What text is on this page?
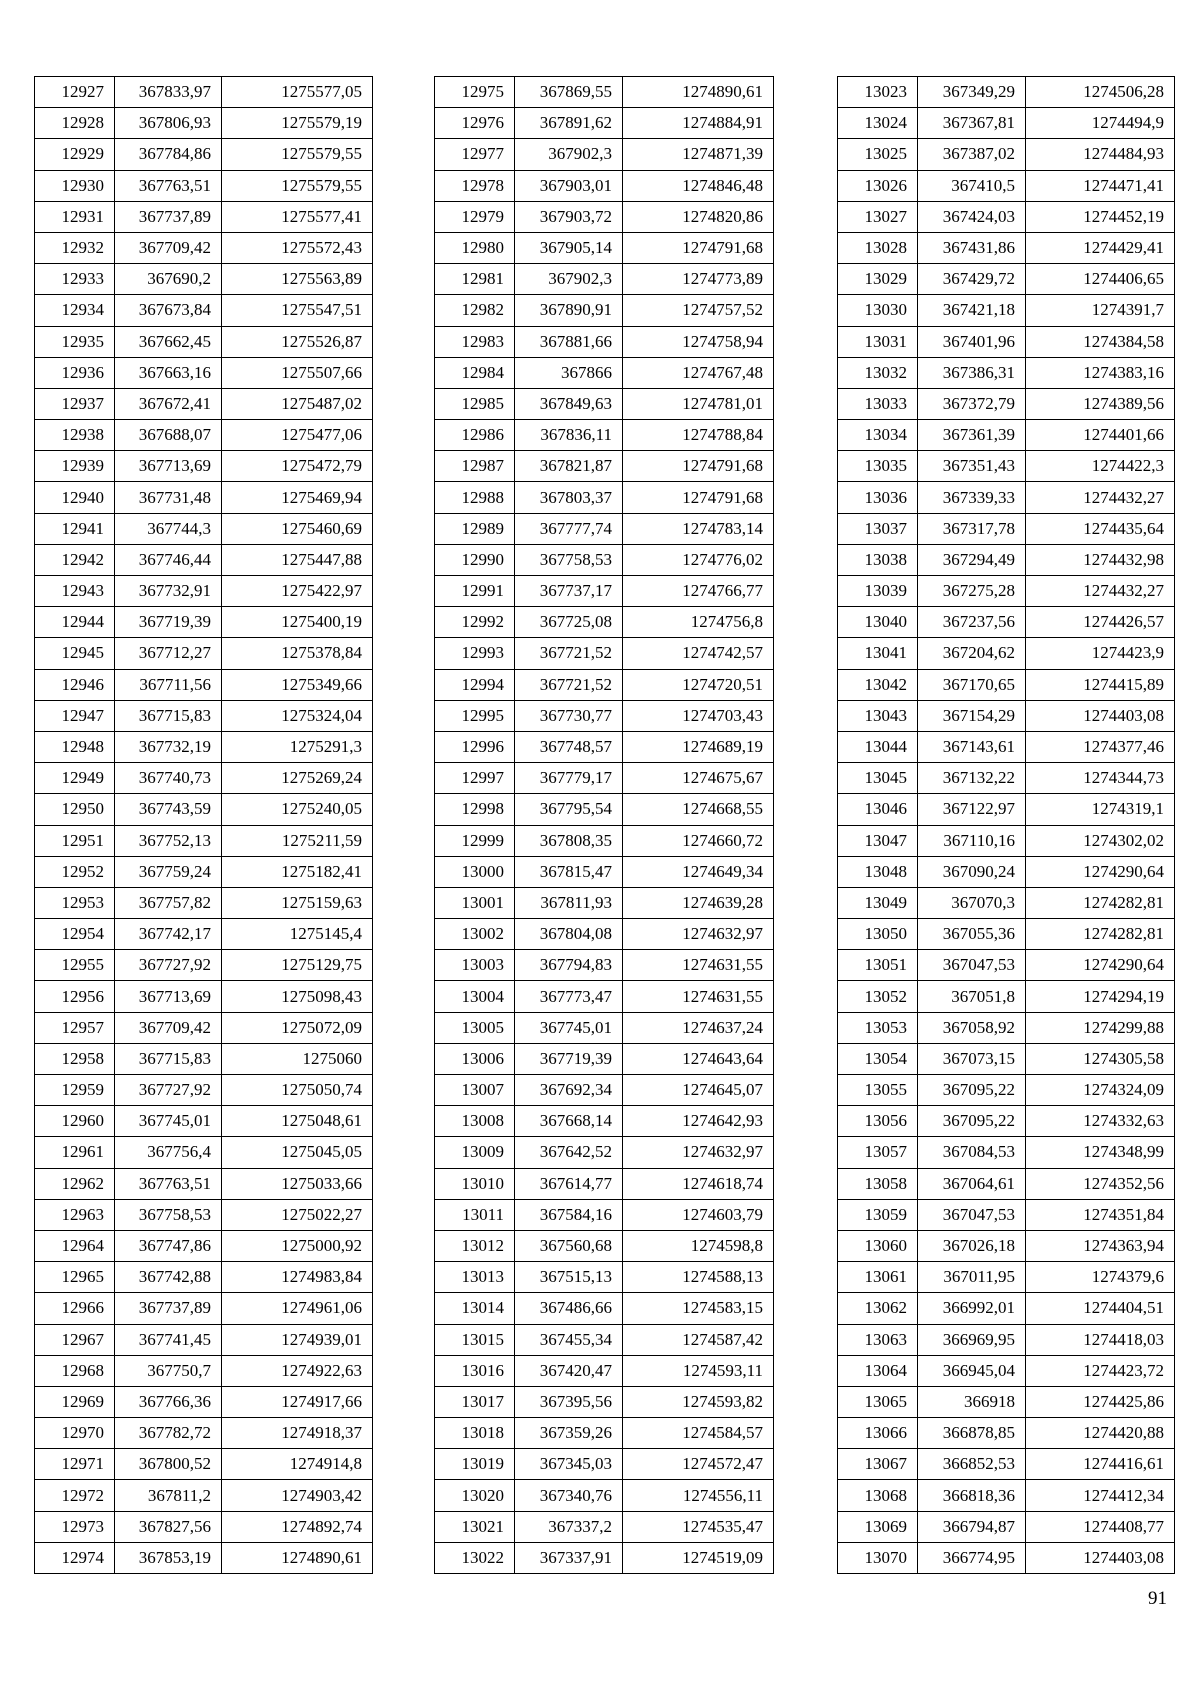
12927	367833,97	1275577,05
12928	367806,93	1275579,19
12929	367784,86	1275579,55
12930	367763,51	1275579,55
12931	367737,89	1275577,41
12932	367709,42	1275572,43
12933	367690,2	1275563,89
12934	367673,84	1275547,51
12935	367662,45	1275526,87
12936	367663,16	1275507,66
12937	367672,41	1275487,02
12938	367688,07	1275477,06
12939	367713,69	1275472,79
12940	367731,48	1275469,94
12941	367744,3	1275460,69
12942	367746,44	1275447,88
12943	367732,91	1275422,97
12944	367719,39	1275400,19
12945	367712,27	1275378,84
12946	367711,56	1275349,66
12947	367715,83	1275324,04
12948	367732,19	1275291,3
12949	367740,73	1275269,24
12950	367743,59	1275240,05
12951	367752,13	1275211,59
12952	367759,24	1275182,41
12953	367757,82	1275159,63
12954	367742,17	1275145,4
12955	367727,92	1275129,75
12956	367713,69	1275098,43
12957	367709,42	1275072,09
12958	367715,83	1275060
12959	367727,92	1275050,74
12960	367745,01	1275048,61
12961	367756,4	1275045,05
12962	367763,51	1275033,66
12963	367758,53	1275022,27
12964	367747,86	1275000,92
12965	367742,88	1274983,84
12966	367737,89	1274961,06
12967	367741,45	1274939,01
12968	367750,7	1274922,63
12969	367766,36	1274917,66
12970	367782,72	1274918,37
12971	367800,52	1274914,8
12972	367811,2	1274903,42
12973	367827,56	1274892,74
12974	367853,19	1274890,61
12975	367869,55	1274890,61
12976	367891,62	1274884,91
12977	367902,3	1274871,39
12978	367903,01	1274846,48
12979	367903,72	1274820,86
12980	367905,14	1274791,68
12981	367902,3	1274773,89
12982	367890,91	1274757,52
12983	367881,66	1274758,94
12984	367866	1274767,48
12985	367849,63	1274781,01
12986	367836,11	1274788,84
12987	367821,87	1274791,68
12988	367803,37	1274791,68
12989	367777,74	1274783,14
12990	367758,53	1274776,02
12991	367737,17	1274766,77
12992	367725,08	1274756,8
12993	367721,52	1274742,57
12994	367721,52	1274720,51
12995	367730,77	1274703,43
12996	367748,57	1274689,19
12997	367779,17	1274675,67
12998	367795,54	1274668,55
12999	367808,35	1274660,72
13000	367815,47	1274649,34
13001	367811,93	1274639,28
13002	367804,08	1274632,97
13003	367794,83	1274631,55
13004	367773,47	1274631,55
13005	367745,01	1274637,24
13006	367719,39	1274643,64
13007	367692,34	1274645,07
13008	367668,14	1274642,93
13009	367642,52	1274632,97
13010	367614,77	1274618,74
13011	367584,16	1274603,79
13012	367560,68	1274598,8
13013	367515,13	1274588,13
13014	367486,66	1274583,15
13015	367455,34	1274587,42
13016	367420,47	1274593,11
13017	367395,56	1274593,82
13018	367359,26	1274584,57
13019	367345,03	1274572,47
13020	367340,76	1274556,11
13021	367337,2	1274535,47
13022	367337,91	1274519,09
13023	367349,29	1274506,28
13024	367367,81	1274494,9
13025	367387,02	1274484,93
13026	367410,5	1274471,41
13027	367424,03	1274452,19
13028	367431,86	1274429,41
13029	367429,72	1274406,65
13030	367421,18	1274391,7
13031	367401,96	1274384,58
13032	367386,31	1274383,16
13033	367372,79	1274389,56
13034	367361,39	1274401,66
13035	367351,43	1274422,3
13036	367339,33	1274432,27
13037	367317,78	1274435,64
13038	367294,49	1274432,98
13039	367275,28	1274432,27
13040	367237,56	1274426,57
13041	367204,62	1274423,9
13042	367170,65	1274415,89
13043	367154,29	1274403,08
13044	367143,61	1274377,46
13045	367132,22	1274344,73
13046	367122,97	1274319,1
13047	367110,16	1274302,02
13048	367090,24	1274290,64
13049	367070,3	1274282,81
13050	367055,36	1274282,81
13051	367047,53	1274290,64
13052	367051,8	1274294,19
13053	367058,92	1274299,88
13054	367073,15	1274305,58
13055	367095,22	1274324,09
13056	367095,22	1274332,63
13057	367084,53	1274348,99
13058	367064,61	1274352,56
13059	367047,53	1274351,84
13060	367026,18	1274363,94
13061	367011,95	1274379,6
13062	366992,01	1274404,51
13063	366969,95	1274418,03
13064	366945,04	1274423,72
13065	366918	1274425,86
13066	366878,85	1274420,88
13067	366852,53	1274416,61
13068	366818,36	1274412,34
13069	366794,87	1274408,77
13070	366774,95	1274403,08
91
